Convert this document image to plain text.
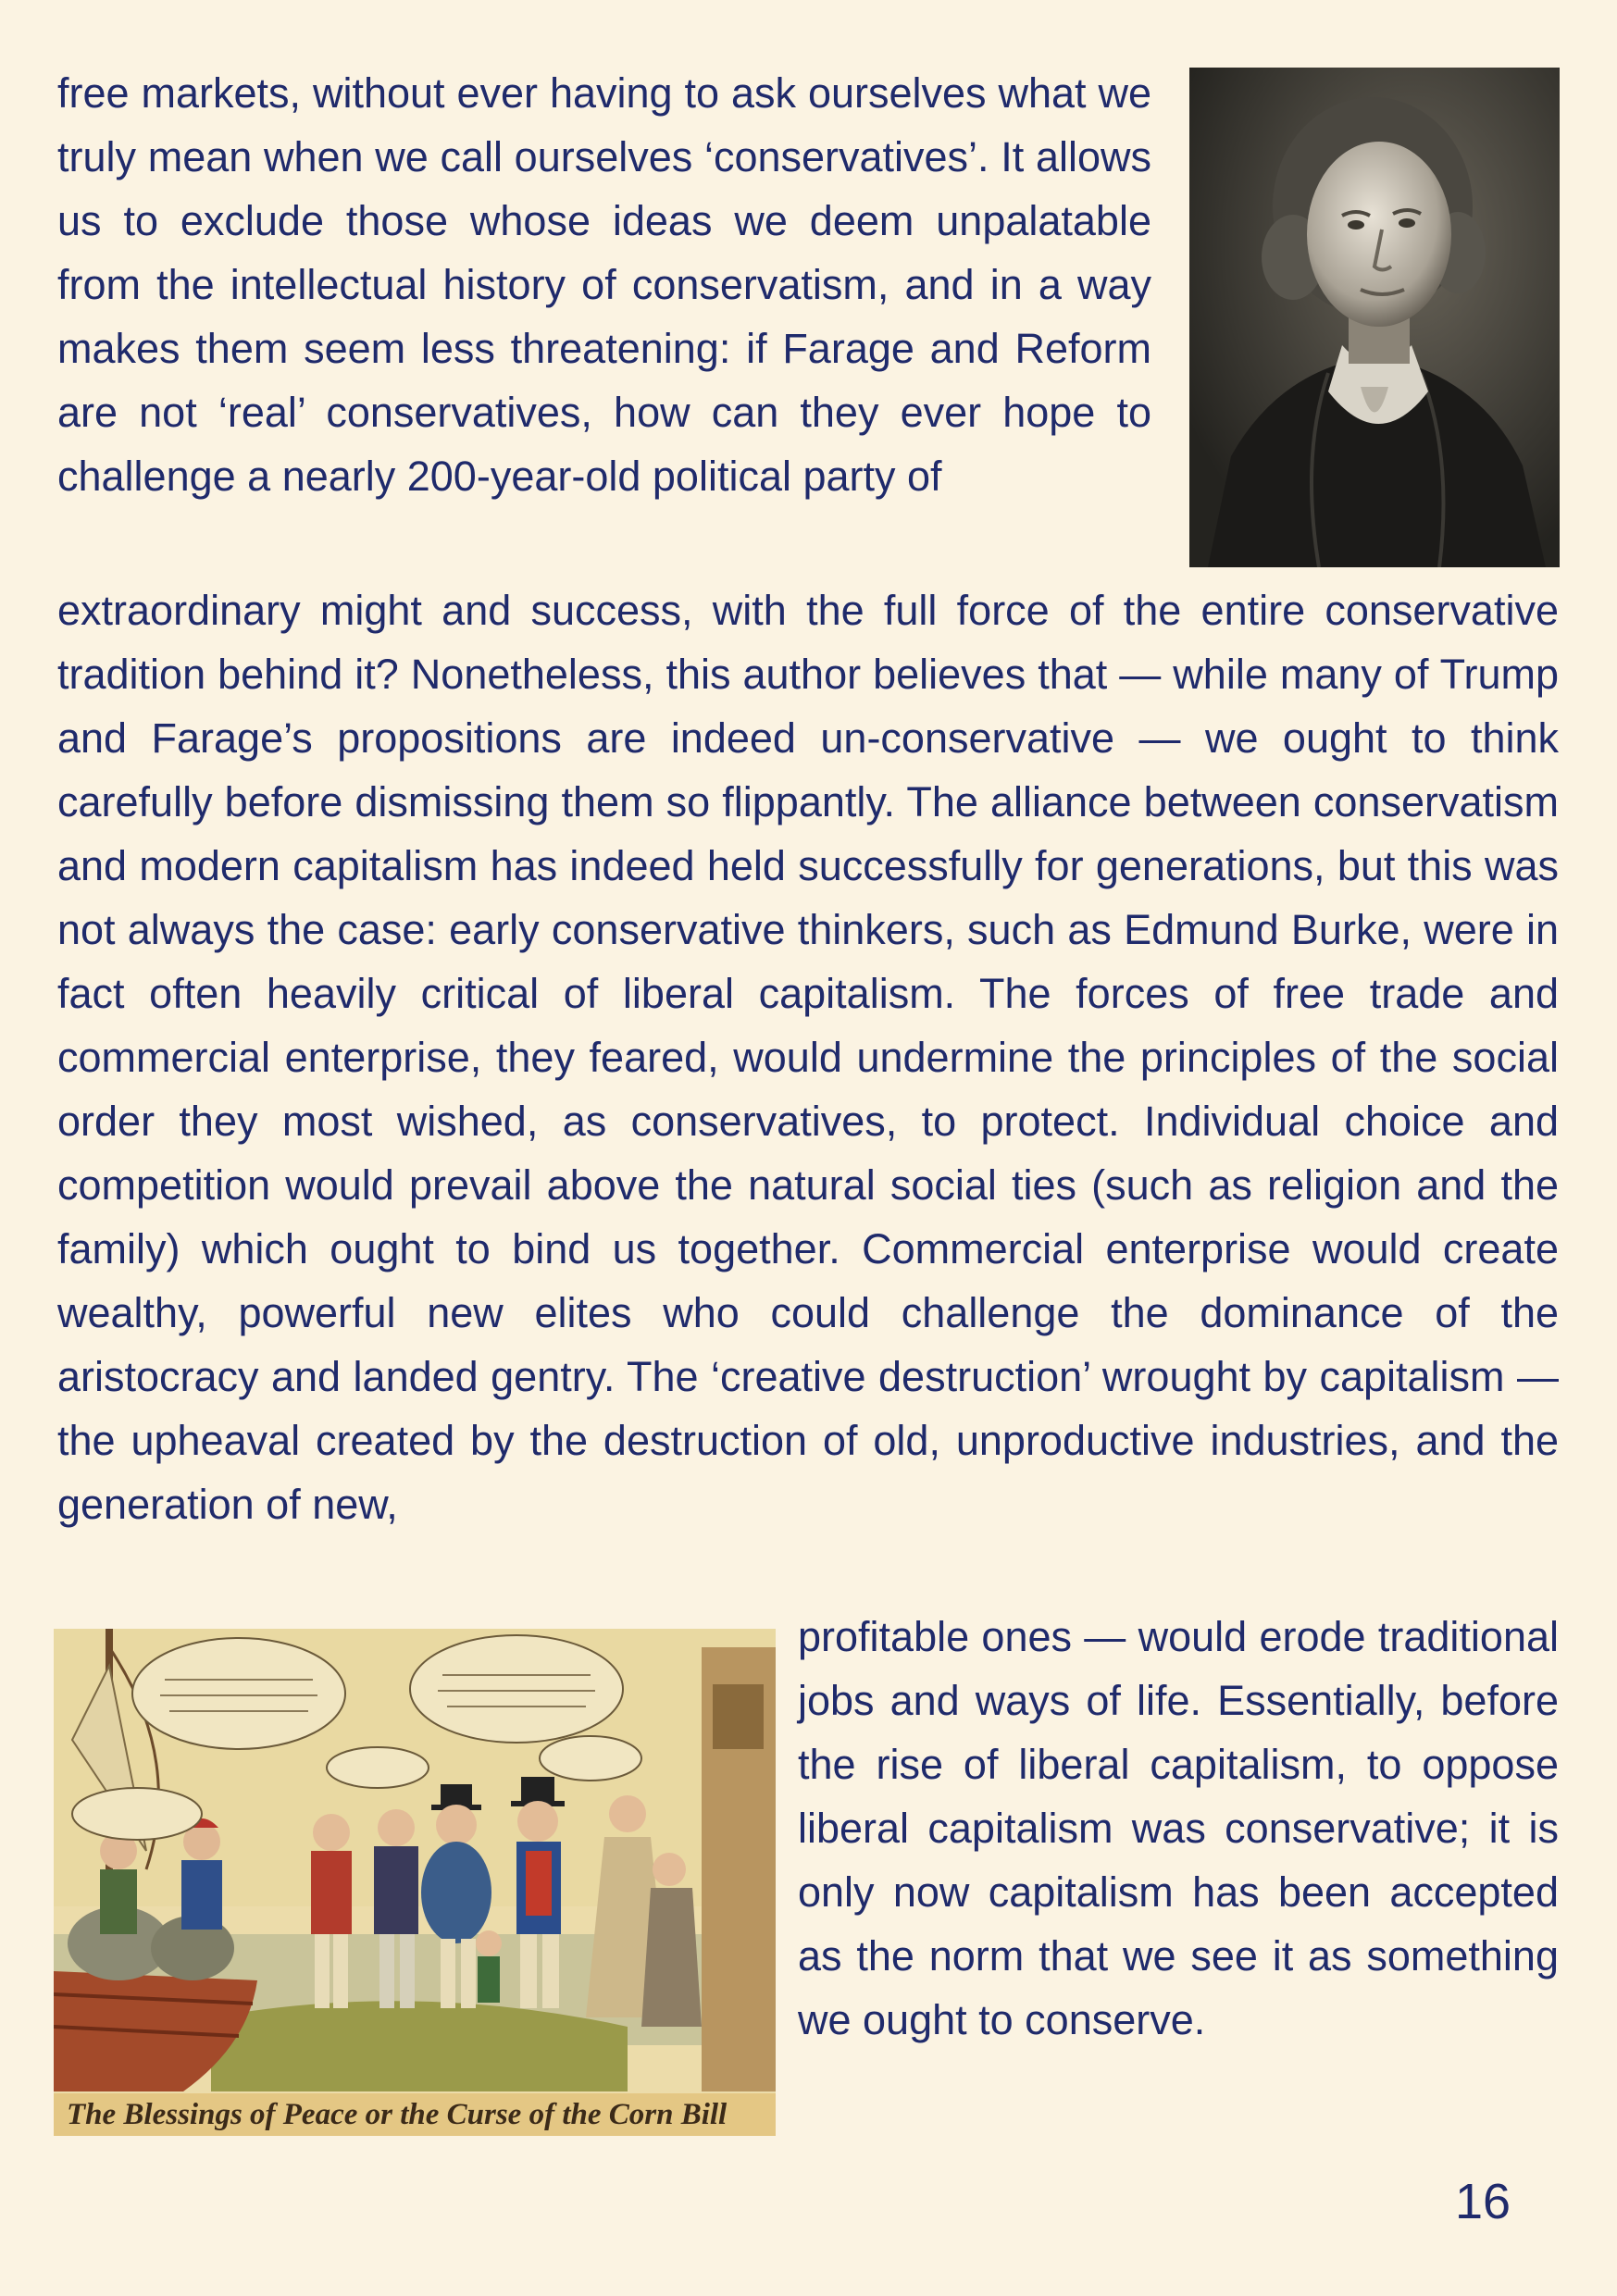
free markets, without ever having to ask ourselves what we truly mean when we call ourselves ‘conservatives’. It allows us to exclude those whose ideas we deem unpalatable from the intellectual history of conservatism, and in a way makes them seem less threatening: if Farage and Reform are not ‘real’ conservatives, how can they ever hope to challenge a nearly 200-year-old political party of

extraordinary might and success, with the full force of the entire conservative tradition behind it? Nonetheless, this author believes that — while many of Trump and Farage’s propositions are indeed un-conservative — we ought to think carefully before dismissing them so flippantly. The alliance between conservatism and modern capitalism has indeed held successfully for generations, but this was not always the case: early conservative thinkers, such as Edmund Burke, were in fact often heavily critical of liberal capitalism. The forces of free trade and commercial enterprise, they feared, would undermine the principles of the social order they most wished, as conservatives, to protect. Individual choice and competition would prevail above the natural social ties (such as religion and the family) which ought to bind us together. Commercial enterprise would create wealthy, powerful new elites who could challenge the dominance of the aristocracy and landed gentry. The ‘creative destruction’ wrought by capitalism — the upheaval created by the destruction of old, unproductive industries, and the generation of new,

The Blessings of Peace or the Curse of the Corn Bill

profitable ones — would erode traditional jobs and ways of life. Essentially, before the rise of liberal capitalism, to oppose liberal capitalism was conservative; it is only now capitalism has been accepted as the norm that we see it as something we ought to conserve.

16
